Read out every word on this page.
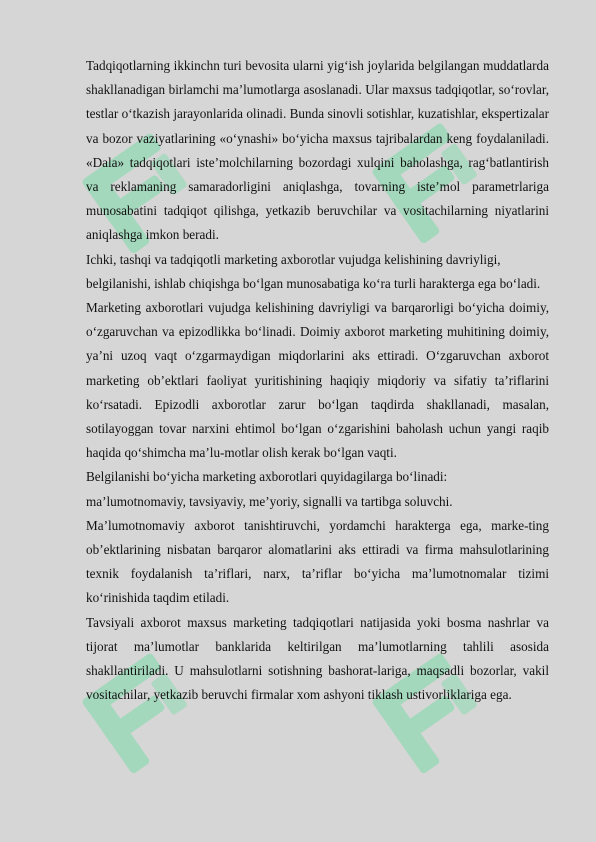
Tadqiqotlarning ikkinchn turi bevosita ularni yig‘ish joylarida belgilangan muddatlarda shakllanadigan birlamchi ma’lumotlarga asoslanadi. Ular maxsus tadqiqotlar, so‘rovlar, testlar o‘tkazish jarayonlarida olinadi. Bunda sinovli sotishlar, kuzatishlar, ekspertizalar va bozor vaziyatlarining «o‘ynashi» bo‘yicha maxsus tajribalardan keng foydalaniladi. «Dala» tadqiqotlari iste’molchilarning bozordagi xulqini baholashga, rag‘batlantirish va reklamaning samaradorligini aniqlashga, tovarning iste’mol parametrlariga munosabatini tadqiqot qilishga, yetkazib beruvchilar va vositachilarning niyatlarini aniqlashga imkon beradi.

Ichki, tashqi va tadqiqotli marketing axborotlar vujudga kelishining davriyligi, belgilanishi, ishlab chiqishga bo‘lgan munosabatiga ko‘ra turli harakterga ega bo‘ladi.

Marketing axborotlari vujudga kelishining davriyligi va barqarorligi bo‘yicha doimiy, o‘zgaruvchan va epizodlikka bo‘linadi. Doimiy axborot marketing muhitining doimiy, ya’ni uzoq vaqt o‘zgarmaydigan miqdorlarini aks ettiradi. O‘zgaruvchan axborot marketing ob’ektlari faoliyat yuritishining haqiqiy miqdoriy va sifatiy ta’riflarini ko‘rsatadi. Epizodli axborotlar zarur bo‘lgan taqdirda shakllanadi, masalan, sotilayoggan tovar narxini ehtimol bo‘lgan o‘zgarishini baholash uchun yangi raqib haqida qo‘shimcha ma’lu-motlar olish kerak bo‘lgan vaqti.

Belgilanishi bo‘yicha marketing axborotlari quyidagilarga bo‘linadi:

ma’lumotnomaviy, tavsiyaviy, me’yoriy, signalli va tartibga soluvchi.

Ma’lumotnomaviy axborot tanishtiruvchi, yordamchi harakterga ega, marke-ting ob’ektlarining nisbatan barqaror alomatlarini aks ettiradi va firma mahsulotlarining texnik foydalanish ta’riflari, narx, ta’riflar bo‘yicha ma’lumotnomalar tizimi ko‘rinishida taqdim etiladi.

Tavsiyali axborot maxsus marketing tadqiqotlari natijasida yoki bosma nashrlar va tijorat ma’lumotlar banklarida keltirilgan ma’lumotlarning tahlili asosida shakllantiriladi. U mahsulotlarni sotishning bashorat-lariga, maqsadli bozorlar, vakil vositachilar, yetkazib beruvchi firmalar xom ashyoni tiklash ustivorliklariga ega.
